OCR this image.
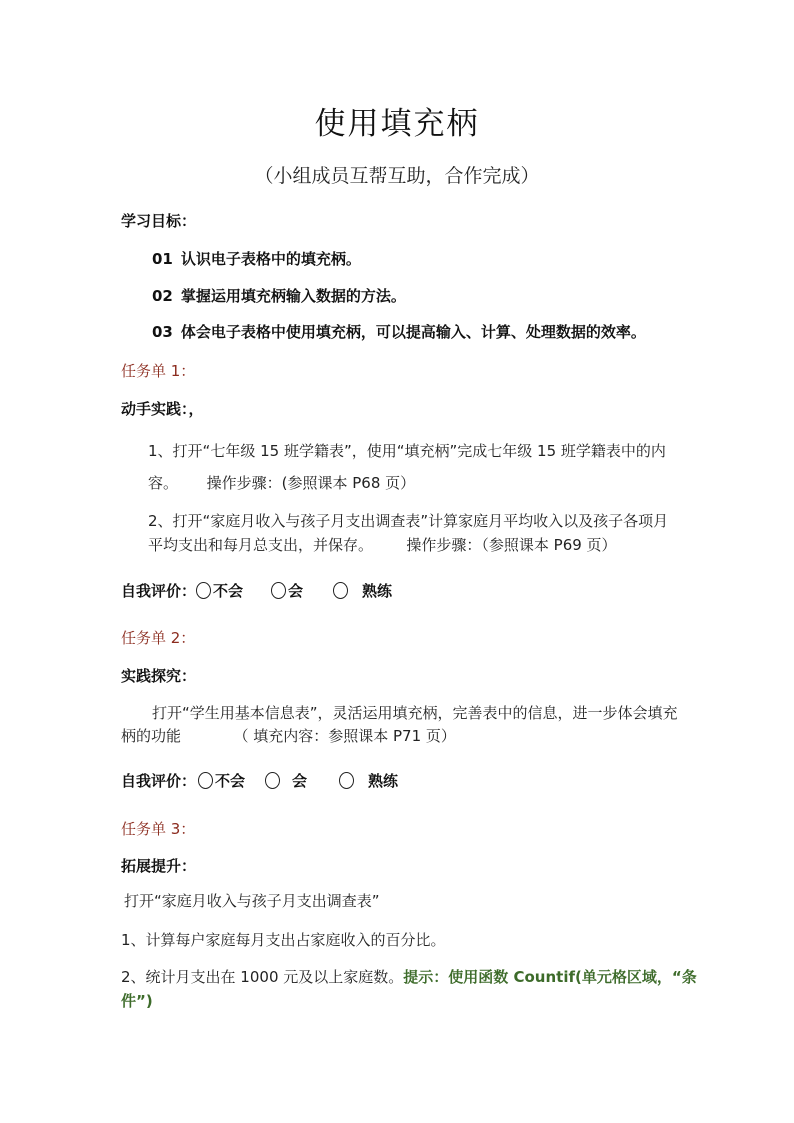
使用填充柄
（小组成员互帮互助，合作完成）
学习目标：
01 认识电子表格中的填充柄。
02 掌握运用填充柄输入数据的方法。
03 体会电子表格中使用填充柄，可以提高输入、计算、处理数据的效率。
任务单 1：
动手实践：，
1、打开“七年级 15 班学籍表”，使用“填充柄”完成七年级 15 班学籍表中的内
容。      操作步骤：(参照课本 P68 页）
2、打开“家庭月收入与孩子月支出调查表”计算家庭月平均收入以及孩子各项月
平均支出和每月总支出，并保存。       操作步骤：（参照课本 P69 页）
自我评价： 不会	会	熟练
任务单 2：
实践探究：
打开“学生用基本信息表”，灵活运用填充柄，完善表中的信息，进一步体会填充
柄的功能           （ 填充内容：参照课本 P71 页）
自我评价： 不会	会	熟练
任务单 3：
拓展提升：
打开“家庭月收入与孩子月支出调查表”
1、计算每户家庭每月支出占家庭收入的百分比。
2、统计月支出在 1000 元及以上家庭数。提示：使用函数 Countif(单元格区域，“条
件”)
